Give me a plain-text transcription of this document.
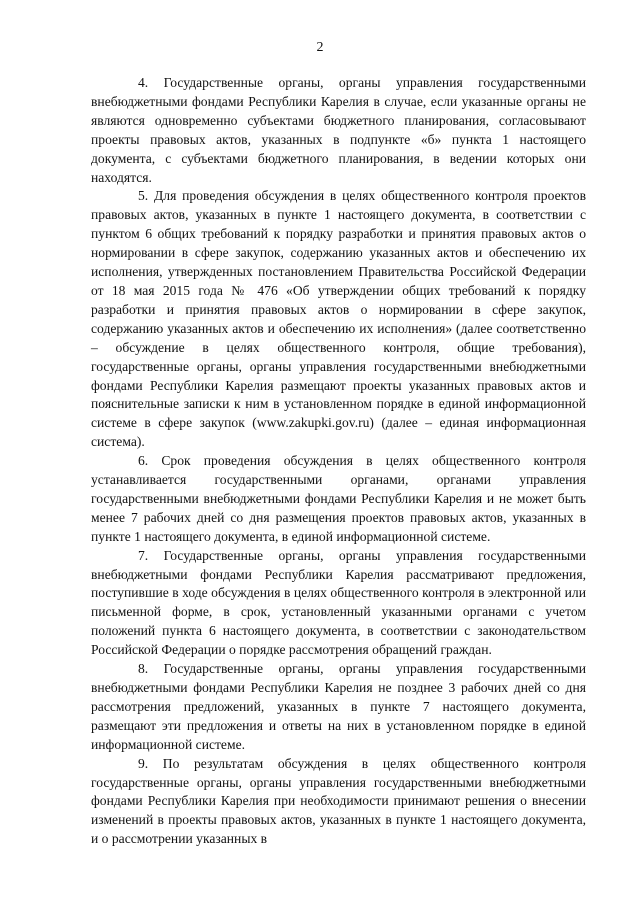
2

4. Государственные органы, органы управления государственными внебюджетными фондами Республики Карелия в случае, если указанные органы не являются одновременно субъектами бюджетного планирования, согласовывают проекты правовых актов, указанных в подпункте «б» пункта 1 настоящего документа, с субъектами бюджетного планирования, в ведении которых они находятся.

5. Для проведения обсуждения в целях общественного контроля проектов правовых актов, указанных в пункте 1 настоящего документа, в соответствии с пунктом 6 общих требований к порядку разработки и принятия правовых актов о нормировании в сфере закупок, содержанию указанных актов и обеспечению их исполнения, утвержденных постановлением Правительства Российской Федерации от 18 мая 2015 года № 476 «Об утверждении общих требований к порядку разработки и принятия правовых актов о нормировании в сфере закупок, содержанию указанных актов и обеспечению их исполнения» (далее соответственно – обсуждение в целях общественного контроля, общие требования), государственные органы, органы управления государственными внебюджетными фондами Республики Карелия размещают проекты указанных правовых актов и пояснительные записки к ним в установленном порядке в единой информационной системе в сфере закупок (www.zakupki.gov.ru) (далее – единая информационная система).

6. Срок проведения обсуждения в целях общественного контроля устанавливается государственными органами, органами управления государственными внебюджетными фондами Республики Карелия и не может быть менее 7 рабочих дней со дня размещения проектов правовых актов, указанных в пункте 1 настоящего документа, в единой информационной системе.

7. Государственные органы, органы управления государственными внебюджетными фондами Республики Карелия рассматривают предложения, поступившие в ходе обсуждения в целях общественного контроля в электронной или письменной форме, в срок, установленный указанными органами с учетом положений пункта 6 настоящего документа, в соответствии с законодательством Российской Федерации о порядке рассмотрения обращений граждан.

8. Государственные органы, органы управления государственными внебюджетными фондами Республики Карелия не позднее 3 рабочих дней со дня рассмотрения предложений, указанных в пункте 7 настоящего документа, размещают эти предложения и ответы на них в установленном порядке в единой информационной системе.

9. По результатам обсуждения в целях общественного контроля государственные органы, органы управления государственными внебюджетными фондами Республики Карелия при необходимости принимают решения о внесении изменений в проекты правовых актов, указанных в пункте 1 настоящего документа, и о рассмотрении указанных в
